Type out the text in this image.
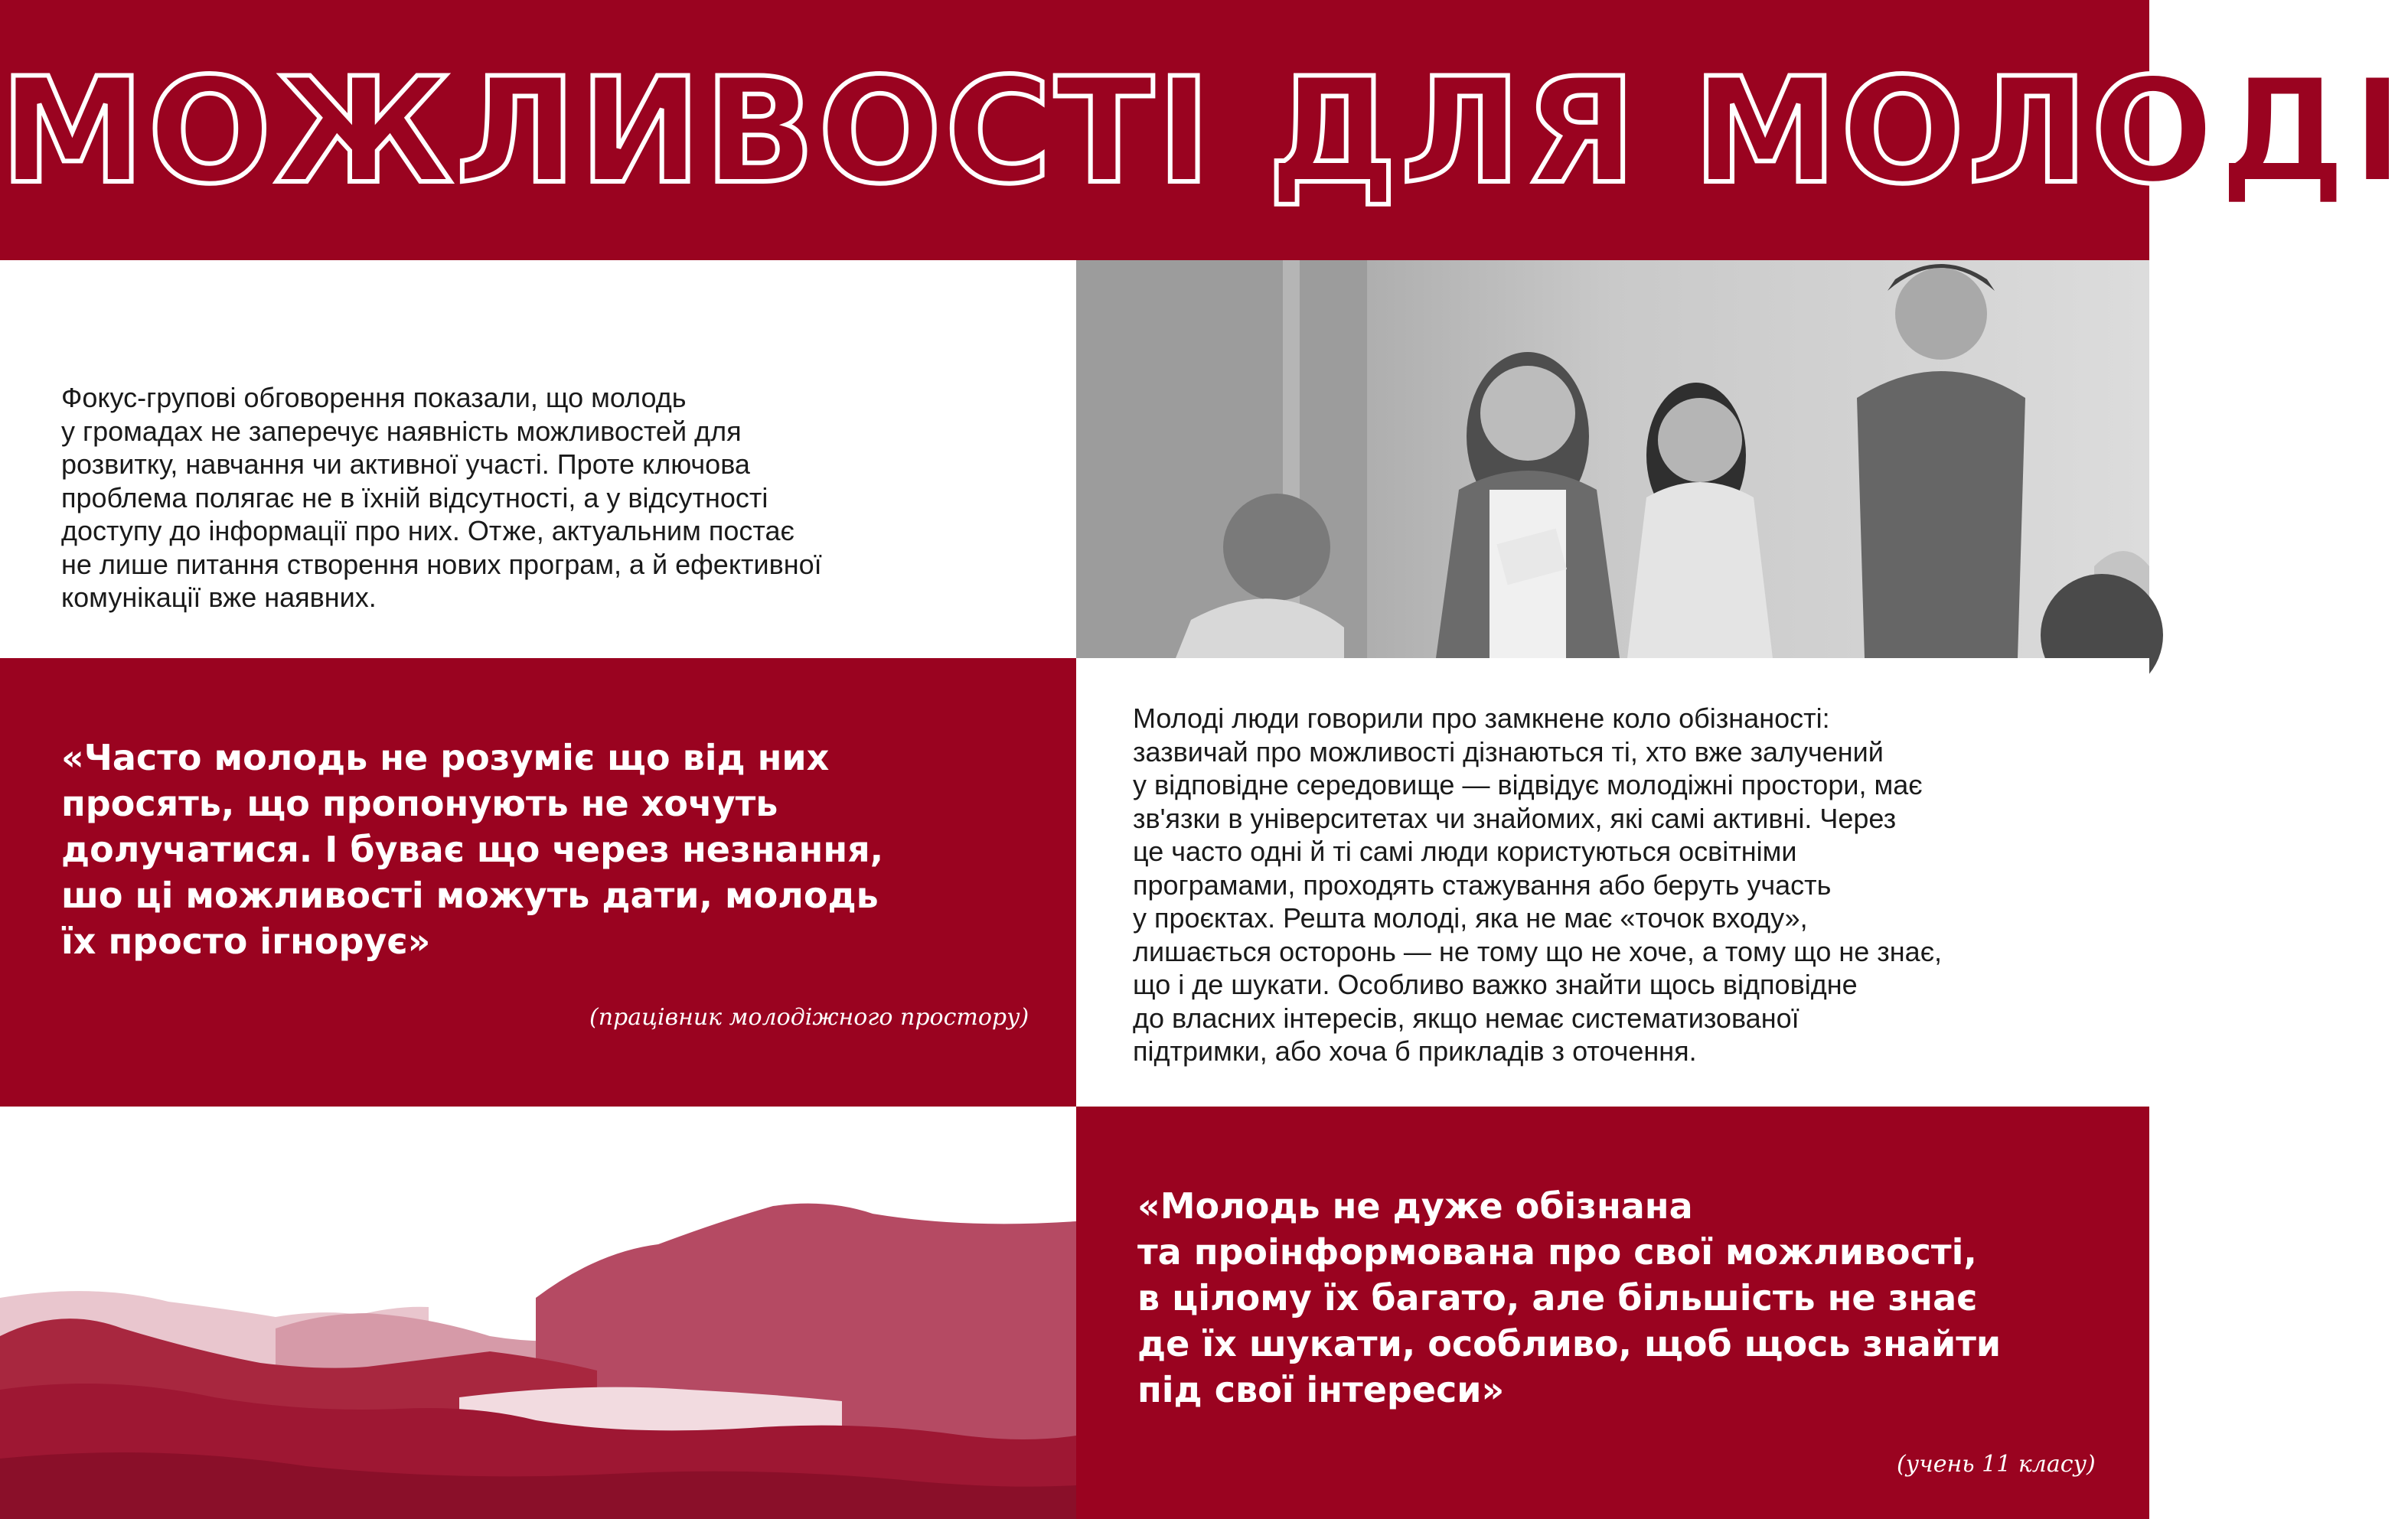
МОЖЛИВОСТІ ДЛЯ МОЛОДІ

Фокус-групові обговорення показали, що молодь
у громадах не заперечує наявність можливостей для
розвитку, навчання чи активної участі. Проте ключова
проблема полягає не в їхній відсутності, а у відсутності
доступу до інформації про них. Отже, актуальним постає
не лише питання створення нових програм, а й ефективної
комунікації вже наявних.

«Часто молодь не розуміє що від них
просять, що пропонують не хочуть
долучатися. І буває що через незнання,
шо ці можливості можуть дати, молодь
їх просто ігнорує»

(працівник молодіжного простору)

Молоді люди говорили про замкнене коло обізнаності:
зазвичай про можливості дізнаються ті, хто вже залучений
у відповідне середовище — відвідує молодіжні простори, має
зв'язки в університетах чи знайомих, які самі активні. Через
це часто одні й ті самі люди користуються освітніми
програмами, проходять стажування або беруть участь
у проєктах. Решта молоді, яка не має «точок входу»,
лишається осторонь — не тому що не хоче, а тому що не знає,
що і де шукати. Особливо важко знайти щось відповідне
до власних інтересів, якщо немає систематизованої
підтримки, або хоча б прикладів з оточення.

«Молодь не дуже обізнана
та проінформована про свої можливості,
в цілому їх багато, але більшість не знає
де їх шукати, особливо, щоб щось знайти
під свої інтереси»

(учень 11 класу)
